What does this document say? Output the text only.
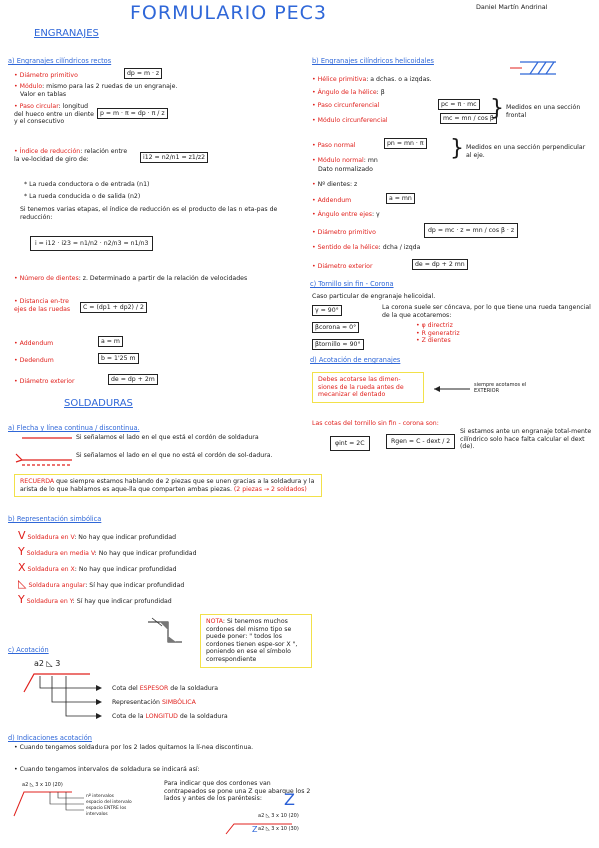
FORMULARIO PEC3	Daniel Martín Andrinal
ENGRANAJES
a) Engranajes cilíndricos rectos
• Diámetro primitivo	dp = m · z
• Módulo: mismo para las 2 ruedas de un engranaje.
Valor en tablas
• Paso circular: longitud del hueco entre un diente y el consecutivo
p = m · π = dp · π / z
• Índice de reducción: relación entre la ve-locidad de giro de:	i12 = n2/n1 = z1/z2
* La rueda conductora o de entrada (n1)
* La rueda conducida o de salida (n2)
Si tenemos varias etapas, el índice de reducción es el producto de las n eta-pas de reducción:
i = i12 · i23 = n1/n2 · n2/n3 = n1/n3
• Número de dientes: z. Determinado a partir de la relación de velocidades
• Distancia en-tre ejes de las ruedas	C = (dp1 + dp2) / 2
• Addendum	a = m
• Dedendum	b = 1'25 m
• Diámetro exterior	de = dp + 2m
SOLDADURAS
a) Flecha y línea continua / discontinua.
Si señalamos el lado en el que está el cordón de soldadura
Si señalamos el lado en el que no está el cordón de sol-dadura.
RECUERDA que siempre estamos hablando de 2 piezas que se unen gracias a la soldadura y la arista de lo que hablamos es aque-lla que comparten ambas piezas. (2 piezas → 2 soldados)
b) Representación simbólica
V Soldadura en V: No hay que indicar profundidad
Y Soldadura en media V: No hay que indicar profundidad
X Soldadura en X: No hay que indicar profundidad
◺ Soldadura angular: Sí hay que indicar profundidad
Y Soldadura en Y: Sí hay que indicar profundidad
NOTA: Si tenemos muchos cordones del mismo tipo se puede poner: " todos los cordones tienen espe-sor X ", poniendo en ese el símbolo correspondiente
c) Acotación
a2 ◺ 3
Cota del ESPESOR de la soldadura
Representación SIMBÓLICA
Cota de la LONGITUD de la soldadura
d) Indicaciones acotación
• Cuando tengamos soldadura por los 2 lados quitamos la lí-nea discontinua.
• Cuando tengamos intervalos de soldadura se indicará así:
a2 ◺ 3 x 10 (20)
nº intervalos
espacio del intervalo
espacio ENTRE los intervalos
Para indicar que dos cordones van contrapeados se pone una Z que abarque los 2 lados y antes de los paréntesis:	Z
Z
a2 ◺ 3 x 10 (20)
a2 ◺ 3 x 10 (30)
b) Engranajes cilíndricos helicoidales
• Hélice primitiva: a dchas. o a izqdas.
• Ángulo de la hélice: β
• Paso circunferencial	pc = π · mc
• Módulo circunferencial	mc = mn / cos β
} Medidos en una sección frontal
• Paso normal	pn = mn · π
• Módulo normal: mn
Dato normalizado
} Medidos en una sección perpendicular al eje.
• Nº dientes: z
• Addendum	a = mn
• Ángulo entre ejes: γ
• Diámetro primitivo	dp = mc · z = mn / cos β · z
• Sentido de la hélice: dcha / izqda
• Diámetro exterior	de = dp + 2 mn
c) Tornillo sin fin - Corona
Caso particular de engranaje helicoidal.
γ = 90°
βcorona ≈ 0°
βtornillo ≈ 90°
La corona suele ser cóncava, por lo que tiene una rueda tangencial de la que acotaremos:
• φ directriz
• R generatriz
• Z dientes
d) Acotación de engranajes
Debes acotarse las dimen-siones de la rueda antes de mecanizar el dentado
siempre acotamos el EXTERIOR
Las cotas del tornillo sin fin - corona son:
φint = 2C	Rgen = C - dext / 2
Si estamos ante un engranaje total-mente cilíndrico solo hace falta calcular el dext (de).
